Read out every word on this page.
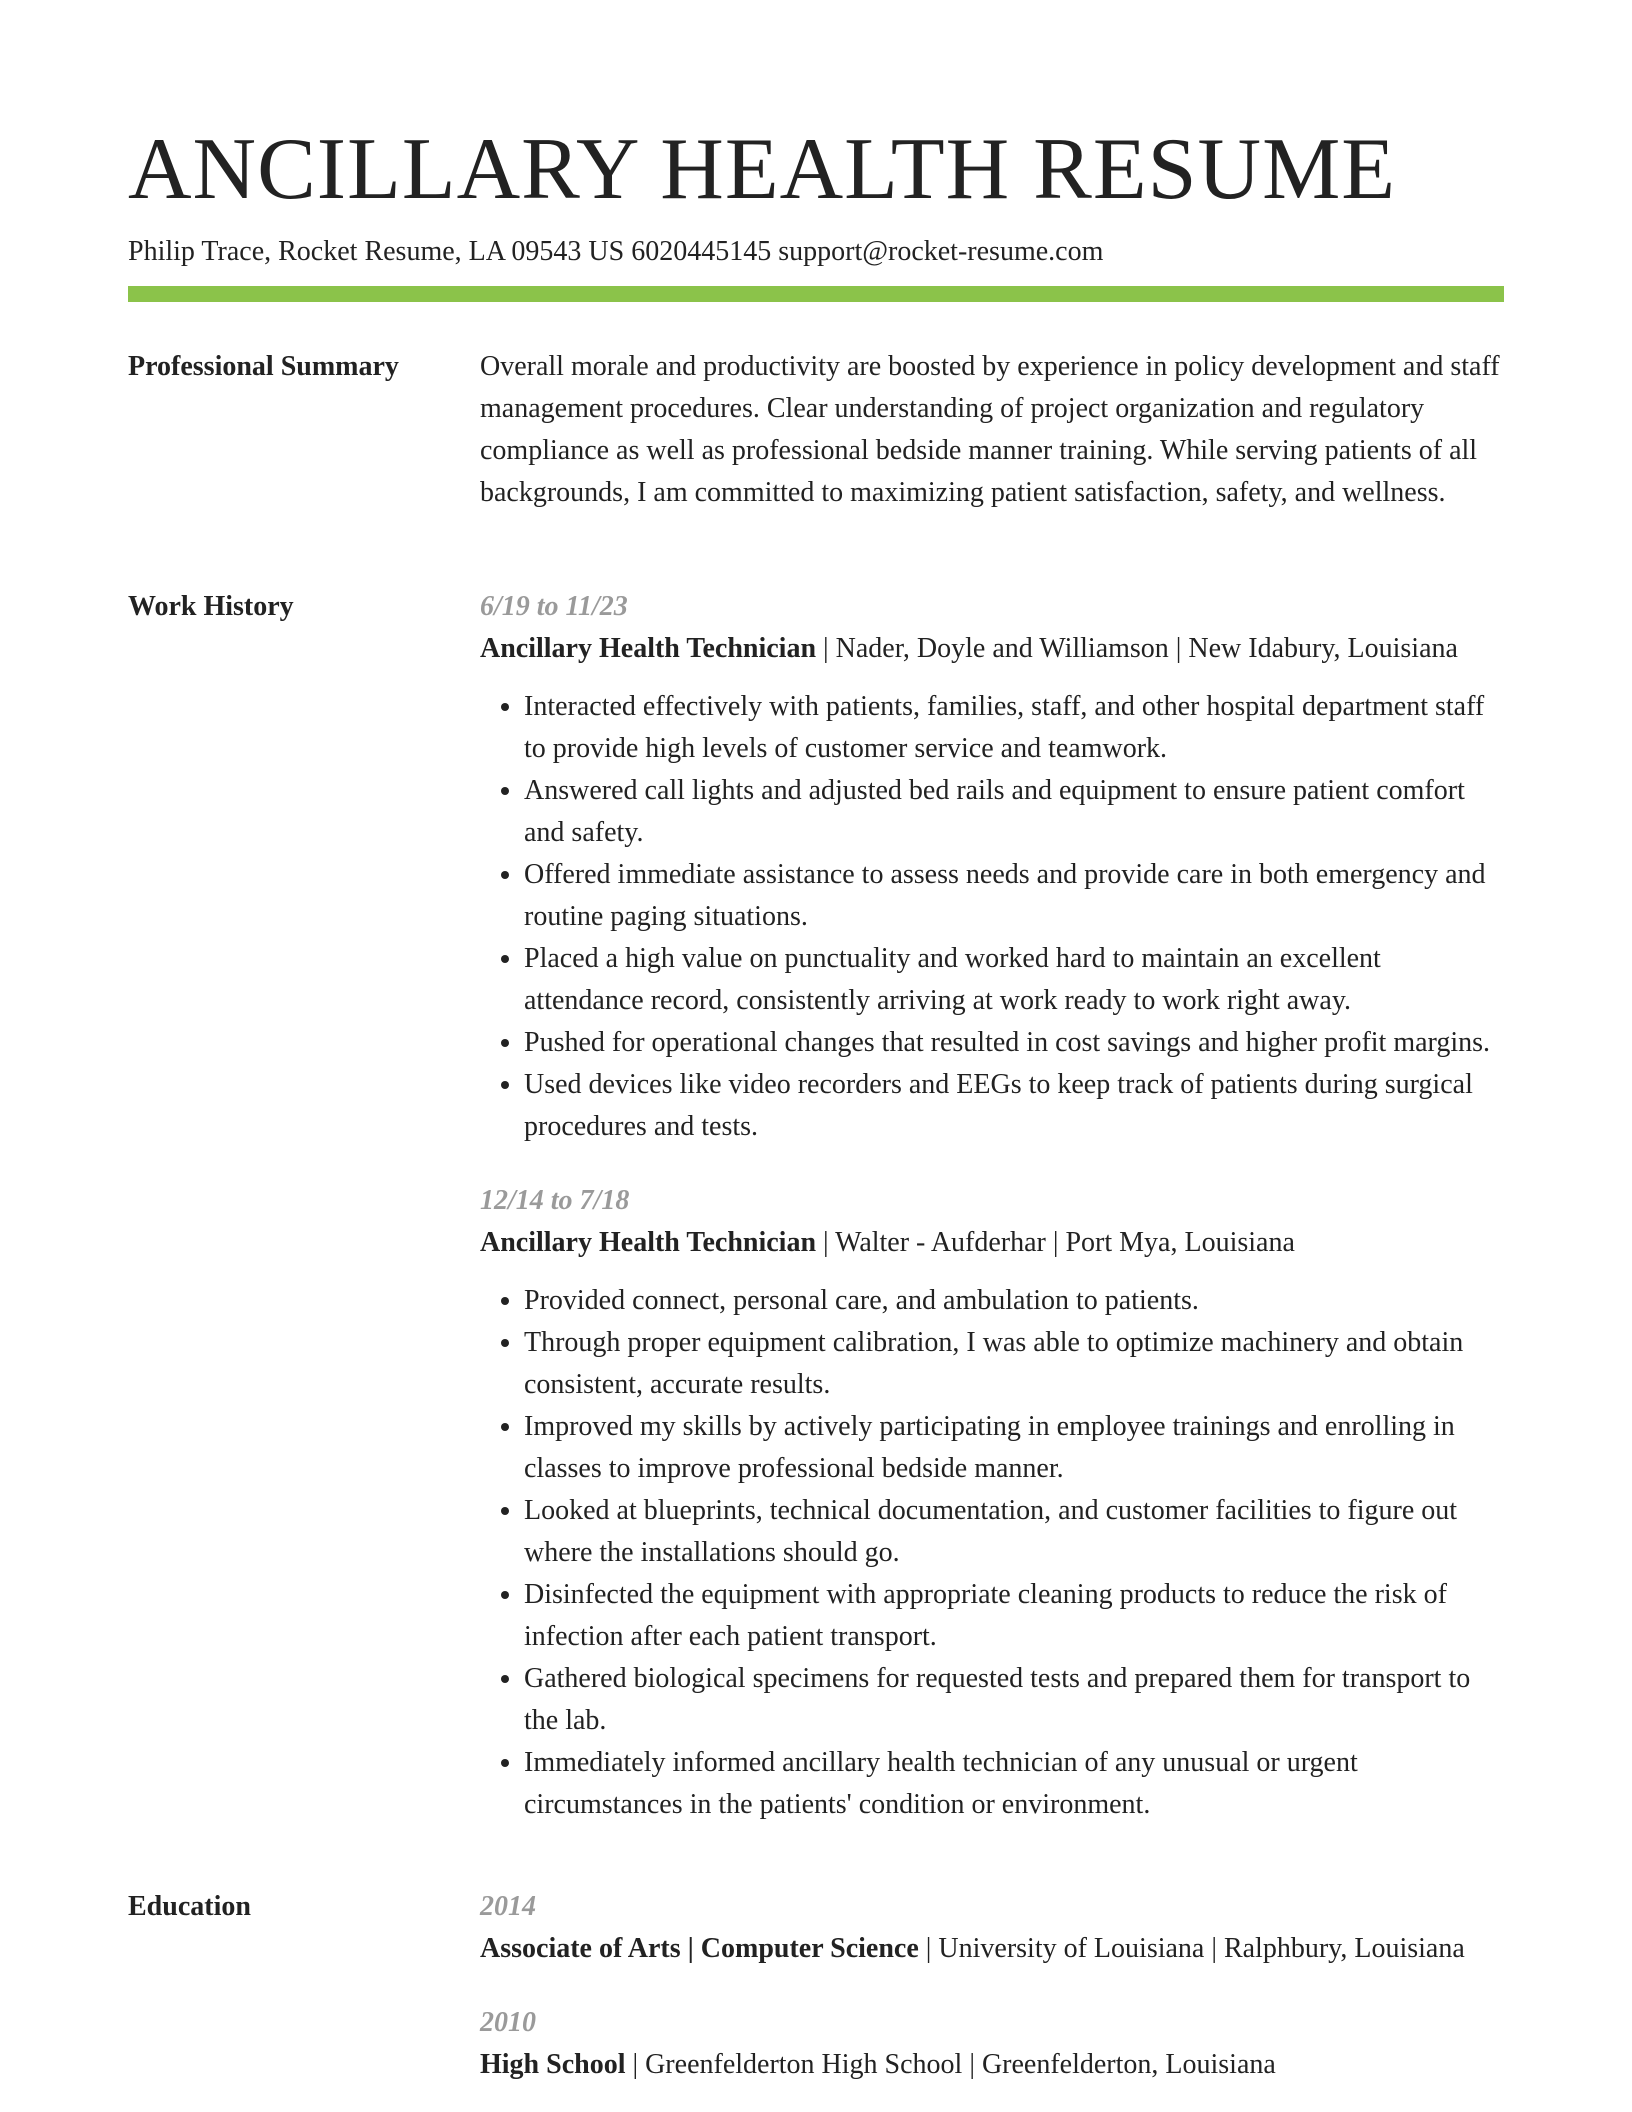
ANCILLARY HEALTH RESUME
Philip Trace, Rocket Resume, LA 09543 US 6020445145 support@rocket-resume.com
Professional Summary	Overall morale and productivity are boosted by experience in policy development and staff management procedures. Clear understanding of project organization and regulatory compliance as well as professional bedside manner training. While serving patients of all backgrounds, I am committed to maximizing patient satisfaction, safety, and wellness.

Work History	6/19 to 11/23
Ancillary Health Technician | Nader, Doyle and Williamson | New Idabury, Louisiana
• Interacted effectively with patients, families, staff, and other hospital department staff to provide high levels of customer service and teamwork.
• Answered call lights and adjusted bed rails and equipment to ensure patient comfort and safety.
• Offered immediate assistance to assess needs and provide care in both emergency and routine paging situations.
• Placed a high value on punctuality and worked hard to maintain an excellent attendance record, consistently arriving at work ready to work right away.
• Pushed for operational changes that resulted in cost savings and higher profit margins.
• Used devices like video recorders and EEGs to keep track of patients during surgical procedures and tests.
12/14 to 7/18
Ancillary Health Technician | Walter - Aufderhar | Port Mya, Louisiana
• Provided connect, personal care, and ambulation to patients.
• Through proper equipment calibration, I was able to optimize machinery and obtain consistent, accurate results.
• Improved my skills by actively participating in employee trainings and enrolling in classes to improve professional bedside manner.
• Looked at blueprints, technical documentation, and customer facilities to figure out where the installations should go.
• Disinfected the equipment with appropriate cleaning products to reduce the risk of infection after each patient transport.
• Gathered biological specimens for requested tests and prepared them for transport to the lab.
• Immediately informed ancillary health technician of any unusual or urgent circumstances in the patients' condition or environment.
Education	2014
Associate of Arts | Computer Science | University of Louisiana | Ralphbury, Louisiana
2010
High School | Greenfelderton High School | Greenfelderton, Louisiana
